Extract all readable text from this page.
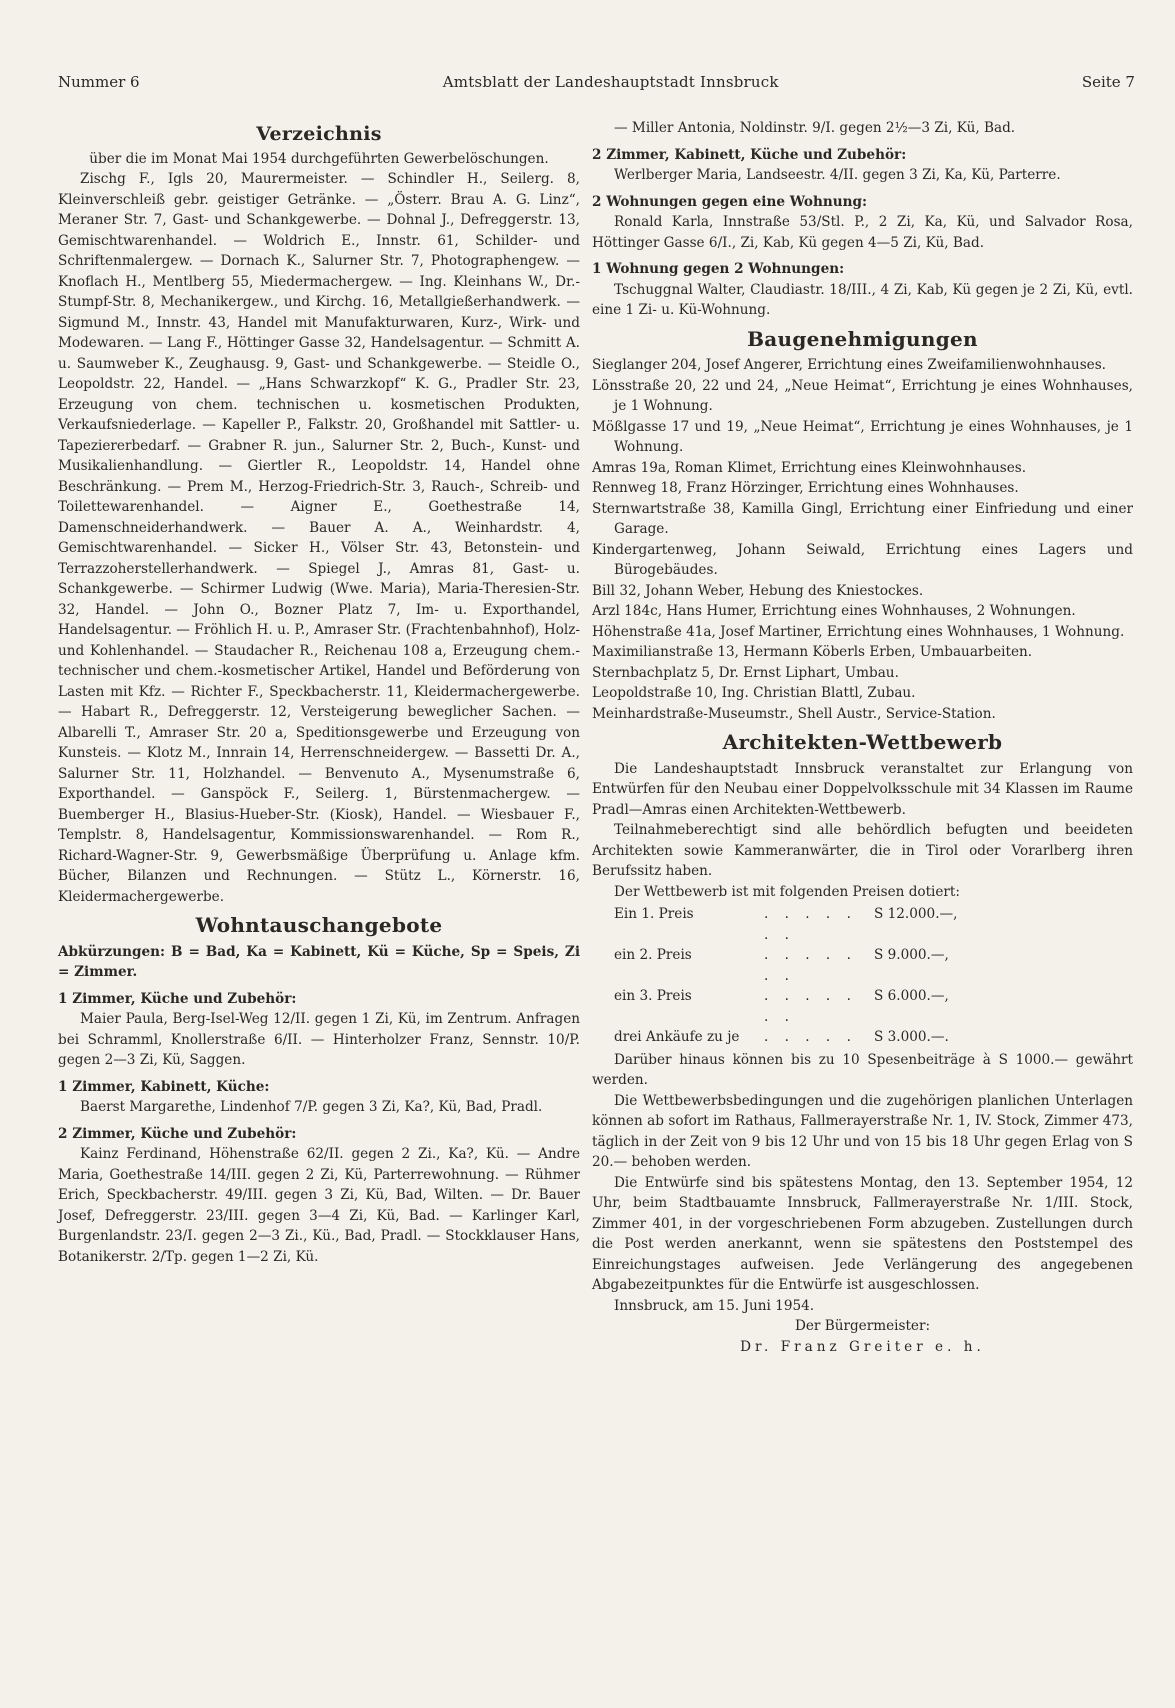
Nummer 6	Amtsblatt der Landeshauptstadt Innsbruck	Seite 7
Verzeichnis

über die im Monat Mai 1954 durchgeführten Gewerbelöschungen.

Zischg F., Igls 20, Maurermeister. — Schindler H., Seilerg. 8, Kleinverschleiß gebr. geistiger Getränke. — „Österr. Brau A. G. Linz“, Meraner Str. 7, Gast- und Schankgewerbe. — Dohnal J., Defreggerstr. 13, Gemischtwarenhandel. — Woldrich E., Innstr. 61, Schilder- und Schriftenmalergew. — Dornach K., Salurner Str. 7, Photographengew. — Knoflach H., Mentlberg 55, Miedermachergew. — Ing. Kleinhans W., Dr.-Stumpf-Str. 8, Mechanikergew., und Kirchg. 16, Metallgießerhandwerk. — Sigmund M., Innstr. 43, Handel mit Manufakturwaren, Kurz-, Wirk- und Modewaren. — Lang F., Höttinger Gasse 32, Handelsagentur. — Schmitt A. u. Saumweber K., Zeughausg. 9, Gast- und Schankgewerbe. — Steidle O., Leopoldstr. 22, Handel. — „Hans Schwarzkopf“ K. G., Pradler Str. 23, Erzeugung von chem. technischen u. kosmetischen Produkten, Verkaufsniederlage. — Kapeller P., Falkstr. 20, Großhandel mit Sattler- u. Tapeziererbedarf. — Grabner R. jun., Salurner Str. 2, Buch-, Kunst- und Musikalienhandlung. — Giertler R., Leopoldstr. 14, Handel ohne Beschränkung. — Prem M., Herzog-Friedrich-Str. 3, Rauch-, Schreib- und Toilettewarenhandel. — Aigner E., Goethestraße 14, Damenschneiderhandwerk. — Bauer A. A., Weinhardstr. 4, Gemischtwarenhandel. — Sicker H., Völser Str. 43, Betonstein- und Terrazzoherstellerhandwerk. — Spiegel J., Amras 81, Gast- u. Schankgewerbe. — Schirmer Ludwig (Wwe. Maria), Maria-Theresien-Str. 32, Handel. — John O., Bozner Platz 7, Im- u. Exporthandel, Handelsagentur. — Fröhlich H. u. P., Amraser Str. (Frachtenbahnhof), Holz- und Kohlenhandel. — Staudacher R., Reichenau 108 a, Erzeugung chem.-technischer und chem.-kosmetischer Artikel, Handel und Beförderung von Lasten mit Kfz. — Richter F., Speckbacherstr. 11, Kleidermachergewerbe. — Habart R., Defreggerstr. 12, Versteigerung beweglicher Sachen. — Albarelli T., Amraser Str. 20 a, Speditionsgewerbe und Erzeugung von Kunsteis. — Klotz M., Innrain 14, Herrenschneidergew. — Bassetti Dr. A., Salurner Str. 11, Holzhandel. — Benvenuto A., Mysenumstraße 6, Exporthandel. — Ganspöck F., Seilerg. 1, Bürstenmachergew. — Buemberger H., Blasius-Hueber-Str. (Kiosk), Handel. — Wiesbauer F., Templstr. 8, Handelsagentur, Kommissionswarenhandel. — Rom R., Richard-Wagner-Str. 9, Gewerbsmäßige Überprüfung u. Anlage kfm. Bücher, Bilanzen und Rechnungen. — Stütz L., Körnerstr. 16, Kleidermachergewerbe.

Wohntauschangebote

Abkürzungen: B = Bad, Ka = Kabinett, Kü = Küche, Sp = Speis, Zi = Zimmer.

1 Zimmer, Küche und Zubehör:

Maier Paula, Berg-Isel-Weg 12/II. gegen 1 Zi, Kü, im Zentrum. Anfragen bei Schramml, Knollerstraße 6/II. — Hinterholzer Franz, Sennstr. 10/P. gegen 2—3 Zi, Kü, Saggen.

1 Zimmer, Kabinett, Küche:

Baerst Margarethe, Lindenhof 7/P. gegen 3 Zi, Ka?, Kü, Bad, Pradl.

2 Zimmer, Küche und Zubehör:

Kainz Ferdinand, Höhenstraße 62/II. gegen 2 Zi., Ka?, Kü. — Andre Maria, Goethestraße 14/III. gegen 2 Zi, Kü, Parterrewohnung. — Rühmer Erich, Speckbacherstr. 49/III. gegen 3 Zi, Kü, Bad, Wilten. — Dr. Bauer Josef, Defreggerstr. 23/III. gegen 3—4 Zi, Kü, Bad. — Karlinger Karl, Burgenlandstr. 23/I. gegen 2—3 Zi., Kü., Bad, Pradl. — Stockklauser Hans, Botanikerstr. 2/Tp. gegen 1—2 Zi, Kü.

— Miller Antonia, Noldinstr. 9/I. gegen 2½—3 Zi, Kü, Bad.

2 Zimmer, Kabinett, Küche und Zubehör:

Werlberger Maria, Landseestr. 4/II. gegen 3 Zi, Ka, Kü, Parterre.

2 Wohnungen gegen eine Wohnung:

Ronald Karla, Innstraße 53/Stl. P., 2 Zi, Ka, Kü, und Salvador Rosa, Höttinger Gasse 6/I., Zi, Kab, Kü gegen 4—5 Zi, Kü, Bad.

1 Wohnung gegen 2 Wohnungen:

Tschuggnal Walter, Claudiastr. 18/III., 4 Zi, Kab, Kü gegen je 2 Zi, Kü, evtl. eine 1 Zi- u. Kü-Wohnung.

Baugenehmigungen

Sieglanger 204, Josef Angerer, Errichtung eines Zweifamilienwohnhauses.

Lönsstraße 20, 22 und 24, „Neue Heimat“, Errichtung je eines Wohnhauses, je 1 Wohnung.

Mößlgasse 17 und 19, „Neue Heimat“, Errichtung je eines Wohnhauses, je 1 Wohnung.

Amras 19a, Roman Klimet, Errichtung eines Kleinwohnhauses.

Rennweg 18, Franz Hörzinger, Errichtung eines Wohnhauses.

Sternwartstraße 38, Kamilla Gingl, Errichtung einer Einfriedung und einer Garage.

Kindergartenweg, Johann Seiwald, Errichtung eines Lagers und Bürogebäudes.

Bill 32, Johann Weber, Hebung des Kniestockes.

Arzl 184c, Hans Humer, Errichtung eines Wohnhauses, 2 Wohnungen.

Höhenstraße 41a, Josef Martiner, Errichtung eines Wohnhauses, 1 Wohnung.

Maximilianstraße 13, Hermann Köberls Erben, Umbauarbeiten.

Sternbachplatz 5, Dr. Ernst Liphart, Umbau.

Leopoldstraße 10, Ing. Christian Blattl, Zubau.

Meinhardstraße-Museumstr., Shell Austr., Service-Station.

Architekten-Wettbewerb

Die Landeshauptstadt Innsbruck veranstaltet zur Erlangung von Entwürfen für den Neubau einer Doppelvolksschule mit 34 Klassen im Raume Pradl—Amras einen Architekten-Wettbewerb.

Teilnahmeberechtigt sind alle behördlich befugten und beeideten Architekten sowie Kammeranwärter, die in Tirol oder Vorarlberg ihren Berufssitz haben.

Der Wettbewerb ist mit folgenden Preisen dotiert:

Ein 1. Preis	. . . . . . .
S 12.000.—,
ein 2. Preis	. . . . . . .
S 9.000.—,
ein 3. Preis	. . . . . . .
S 6.000.—,
drei Ankäufe zu je	. . . . .	S 3.000.—.

Darüber hinaus können bis zu 10 Spesenbeiträge à S 1000.— gewährt werden.

Die Wettbewerbsbedingungen und die zugehörigen planlichen Unterlagen können ab sofort im Rathaus, Fallmerayerstraße Nr. 1, IV. Stock, Zimmer 473, täglich in der Zeit von 9 bis 12 Uhr und von 15 bis 18 Uhr gegen Erlag von S 20.— behoben werden.

Die Entwürfe sind bis spätestens Montag, den 13. September 1954, 12 Uhr, beim Stadtbauamte Innsbruck, Fallmerayerstraße Nr. 1/III. Stock, Zimmer 401, in der vorgeschriebenen Form abzugeben. Zustellungen durch die Post werden anerkannt, wenn sie spätestens den Poststempel des Einreichungstages aufweisen. Jede Verlängerung des angegebenen Abgabezeitpunktes für die Entwürfe ist ausgeschlossen.

Innsbruck, am 15. Juni 1954.

Der Bürgermeister:

Dr. Franz Greiter e. h.
